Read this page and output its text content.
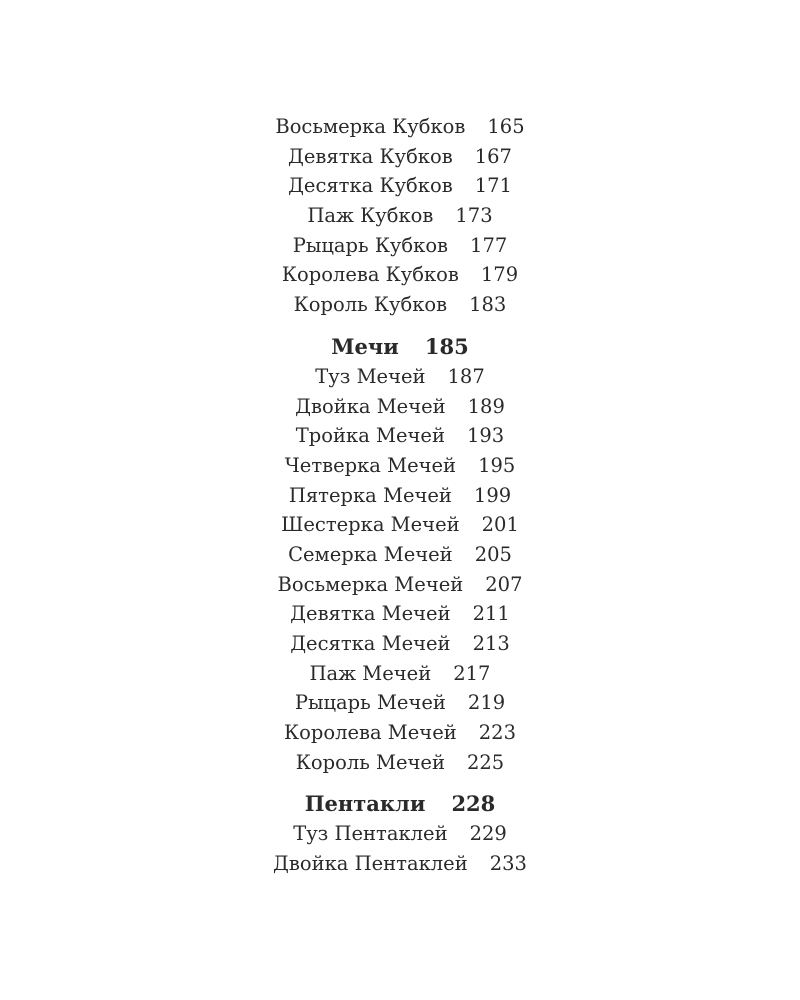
Восьмерка Кубков 165
Девятка Кубков 167
Десятка Кубков 171
Паж Кубков 173
Рыцарь Кубков 177
Королева Кубков 179
Король Кубков 183
Мечи 185
Туз Мечей 187
Двойка Мечей 189
Тройка Мечей 193
Четверка Мечей 195
Пятерка Мечей 199
Шестерка Мечей 201
Семерка Мечей 205
Восьмерка Мечей 207
Девятка Мечей 211
Десятка Мечей 213
Паж Мечей 217
Рыцарь Мечей 219
Королева Мечей 223
Король Мечей 225
Пентакли 228
Туз Пентаклей 229
Двойка Пентаклей 233
